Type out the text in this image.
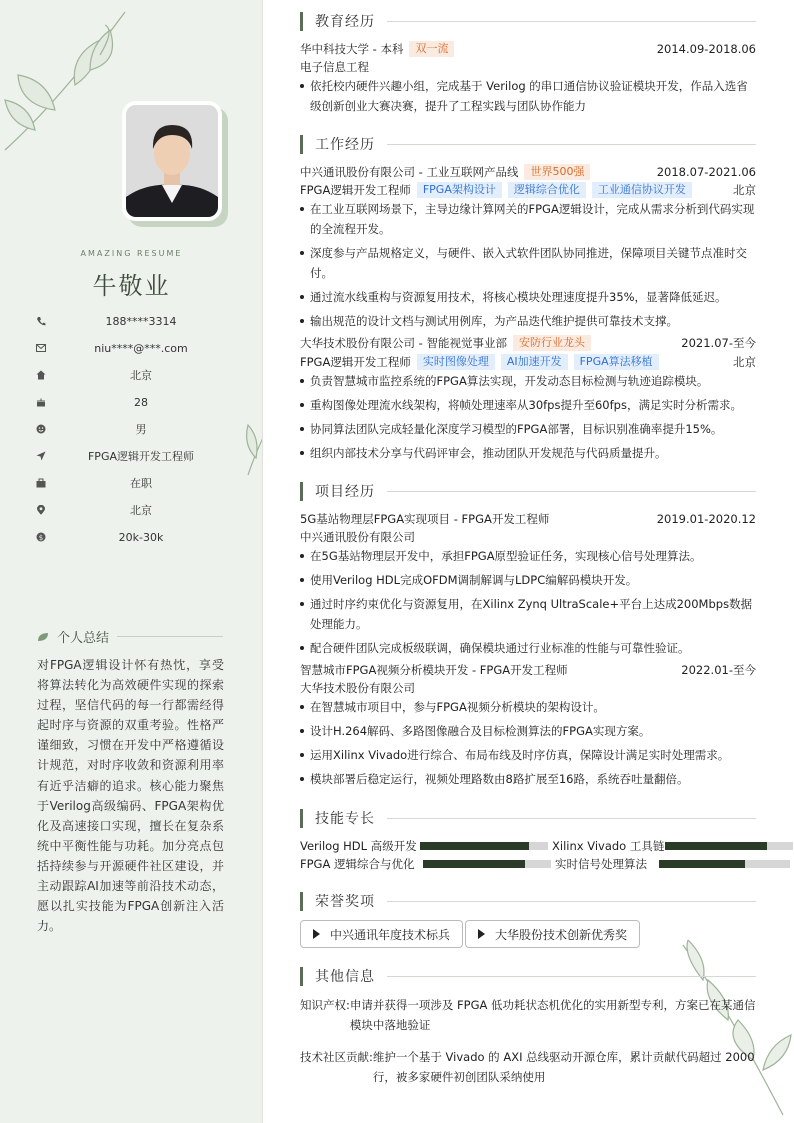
AMAZING RESUME
牛敬业
188****3314
niu****@***.com
北京
28
男
FPGA逻辑开发工程师
在职
北京
$	20k-30k
个人总结
对FPGA逻辑设计怀有热忱，享受将算法转化为高效硬件实现的探索过程，坚信代码的每一行都需经得起时序与资源的双重考验。性格严谨细致，习惯在开发中严格遵循设计规范，对时序收敛和资源利用率有近乎洁癖的追求。核心能力聚焦于Verilog高级编码、FPGA架构优化及高速接口实现，擅长在复杂系统中平衡性能与功耗。加分亮点包括持续参与开源硬件社区建设，并主动跟踪AI加速等前沿技术动态，愿以扎实技能为FPGA创新注入活力。
教育经历
华中科技大学 - 本科	双一流	2014.09-2018.06
电子信息工程
依托校内硬件兴趣小组，完成基于 Verilog 的串口通信协议验证模块开发，作品入选省级创新创业大赛决赛，提升了工程实践与团队协作能力
工作经历
中兴通讯股份有限公司 - 工业互联网产品线	世界500强	2018.07-2021.06
FPGA逻辑开发工程师	FPGA架构设计	逻辑综合优化	工业通信协议开发	北京
在工业互联网场景下，主导边缘计算网关的FPGA逻辑设计，完成从需求分析到代码实现的全流程开发。
深度参与产品规格定义，与硬件、嵌入式软件团队协同推进，保障项目关键节点准时交付。
通过流水线重构与资源复用技术，将核心模块处理速度提升35%，显著降低延迟。
输出规范的设计文档与测试用例库，为产品迭代维护提供可靠技术支撑。
大华技术股份有限公司 - 智能视觉事业部	安防行业龙头	2021.07-至今
FPGA逻辑开发工程师	实时图像处理	AI加速开发	FPGA算法移植	北京
负责智慧城市监控系统的FPGA算法实现，开发动态目标检测与轨迹追踪模块。
重构图像处理流水线架构，将帧处理速率从30fps提升至60fps，满足实时分析需求。
协同算法团队完成轻量化深度学习模型的FPGA部署，目标识别准确率提升15%。
组织内部技术分享与代码评审会，推动团队开发规范与代码质量提升。
项目经历
5G基站物理层FPGA实现项目 - FPGA开发工程师	2019.01-2020.12
中兴通讯股份有限公司
在5G基站物理层开发中，承担FPGA原型验证任务，实现核心信号处理算法。
使用Verilog HDL完成OFDM调制解调与LDPC编解码模块开发。
通过时序约束优化与资源复用，在Xilinx Zynq UltraScale+平台上达成200Mbps数据处理能力。
配合硬件团队完成板级联调，确保模块通过行业标准的性能与可靠性验证。
智慧城市FPGA视频分析模块开发 - FPGA开发工程师	2022.01-至今
大华技术股份有限公司
在智慧城市项目中，参与FPGA视频分析模块的架构设计。
设计H.264解码、多路图像融合及目标检测算法的FPGA实现方案。
运用Xilinx Vivado进行综合、布局布线及时序仿真，保障设计满足实时处理需求。
模块部署后稳定运行，视频处理路数由8路扩展至16路，系统吞吐量翻倍。
技能专长
Verilog HDL 高级开发	Xilinx Vivado 工具链
FPGA 逻辑综合与优化	实时信号处理算法
荣誉奖项
中兴通讯年度技术标兵	大华股份技术创新优秀奖
其他信息
知识产权: 申请并获得一项涉及 FPGA 低功耗状态机优化的实用新型专利，方案已在某通信模块中落地验证
技术社区贡献: 维护一个基于 Vivado 的 AXI 总线驱动开源仓库，累计贡献代码超过 2000 行，被多家硬件初创团队采纳使用
